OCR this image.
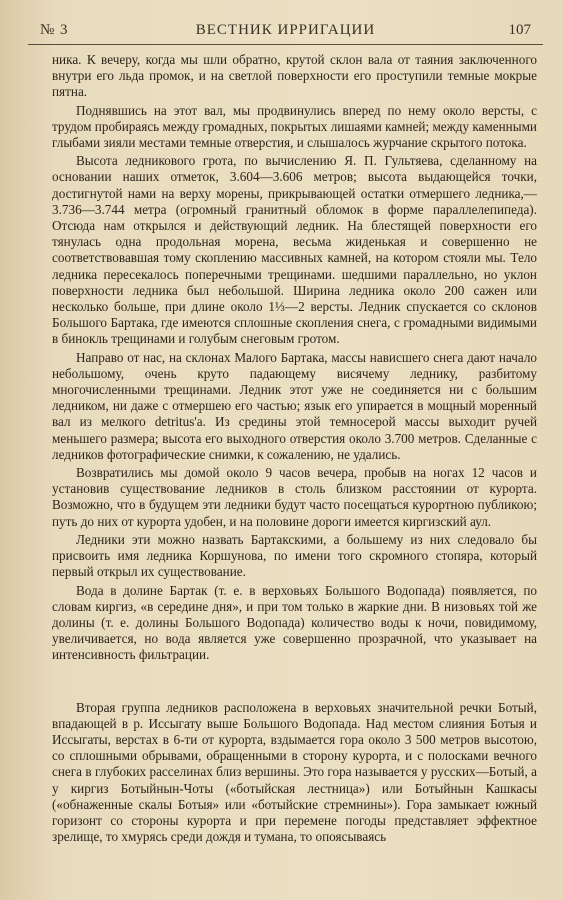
№ 3	ВЕСТНИК ИРРИГАЦИИ	107

ника. К вечеру, когда мы шли обратно, крутой склон вала от таяния заключенного внутри его льда промок, и на светлой поверхности его проступили темные мокрые пятна.

Поднявшись на этот вал, мы продвинулись вперед по нему около версты, с трудом пробираясь между громадных, покрытых лишаями камней; между каменными глыбами зияли местами темные отверстия, и слышалось журчание скрытого потока.

Высота ледникового грота, по вычислению Я. П. Гультяева, сделанному на основании наших отметок, 3.604—3.606 метров; высота выдающейся точки, достигнутой нами на верху морены, прикрывающей остатки отмершего ледника,—3.736—3.744 метра (огромный гранитный обломок в форме параллелепипеда). Отсюда нам открылся и действующий ледник. На блестящей поверхности его тянулась одна продольная морена, весьма жиденькая и совершенно не соответствовавшая тому скоплению массивных камней, на котором стояли мы. Тело ледника пересекалось поперечными трещинами. шедшими параллельно, но уклон поверхности ледника был небольшой. Ширина ледника около 200 сажен или несколько больше, при длине около 1⅓—2 версты. Ледник спускается со склонов Большого Бартака, где имеются сплошные скопления снега, с громадными видимыми в бинокль трещинами и голубым снеговым гротом.

Направо от нас, на склонах Малого Бартака, массы нависшего снега дают начало небольшому, очень круто падающему висячему леднику, разбитому многочисленными трещинами. Ледник этот уже не соединяется ни с большим ледником, ни даже с отмершею его частью; язык его упирается в мощный моренный вал из мелкого detritus'a. Из средины этой темносерой массы выходит ручей меньшего размера; высота его выходного отверстия около 3.700 метров. Сделанные с ледников фотографические снимки, к сожалению, не удались.

Возвратились мы домой около 9 часов вечера, пробыв на ногах 12 часов и установив существование ледников в столь близком расстоянии от курорта. Возможно, что в будущем эти ледники будут часто посещаться курортною публикою; путь до них от курорта удобен, и на половине дороги имеется киргизский аул.

Ледники эти можно назвать Бартакскими, а большему из них следовало бы присвоить имя ледника Коршунова, по имени того скромного стопяра, который первый открыл их существование.

Вода в долине Бартак (т. е. в верховьях Большого Водопада) появляется, по словам киргиз, «в середине дня», и при том только в жаркие дни. В низовьях той же долины (т. е. долины Большого Водопада) количество воды к ночи, повидимому, увеличивается, но вода является уже совершенно прозрачной, что указывает на интенсивность фильтрации.

Вторая группа ледников расположена в верховьях значительной речки Ботый, впадающей в р. Иссыгату выше Большого Водопада. Над местом слияния Ботыя и Иссыгаты, верстах в 6-ти от курорта, вздымается гора около 3 500 метров высотою, со сплошными обрывами, обращенными в сторону курорта, и с полосками вечного снега в глубоких расселинах близ вершины. Это гора называется у русских—Ботый, а у киргиз Ботыйнын-Чоты («ботыйская лестница») или Ботыйнын Кашкасы («обнаженные скалы Ботыя» или «ботыйские стремнины»). Гора замыкает южный горизонт со стороны курорта и при перемене погоды представляет эффектное зрелище, то хмурясь среди дождя и тумана, то опоясываясь
